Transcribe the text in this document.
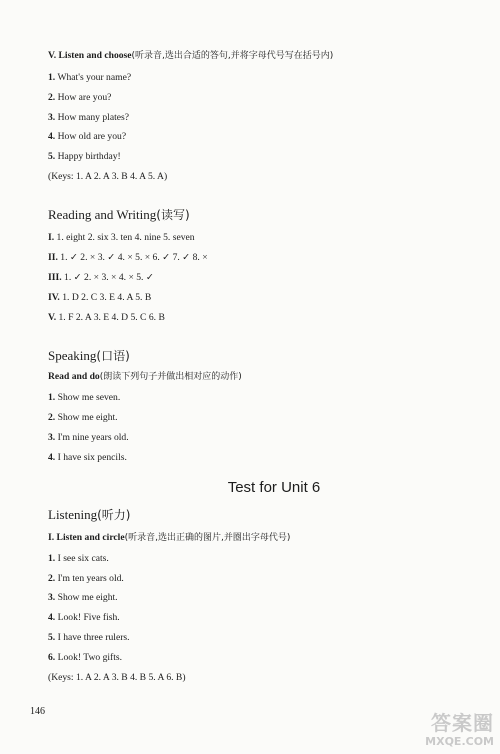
V. Listen and choose(听录音,选出合适的答句,并将字母代号写在括号内)
1. What's your name?
2. How are you?
3. How many plates?
4. How old are you?
5. Happy birthday!
(Keys: 1. A 2. A 3. B 4. A 5. A)
Reading and Writing(读写)
I. 1. eight 2. six 3. ten 4. nine 5. seven
II. 1. ✓ 2. × 3. ✓ 4. × 5. × 6. ✓ 7. ✓ 8. ×
III. 1. ✓ 2. × 3. × 4. × 5. ✓
IV. 1. D 2. C 3. E 4. A 5. B
V. 1. F 2. A 3. E 4. D 5. C 6. B
Speaking(口语)
Read and do(朗读下列句子并做出相对应的动作)
1. Show me seven.
2. Show me eight.
3. I'm nine years old.
4. I have six pencils.
Test for Unit 6
Listening(听力)
I. Listen and circle(听录音,选出正确的图片,并圈出字母代号)
1. I see six cats.
2. I'm ten years old.
3. Show me eight.
4. Look! Five fish.
5. I have three rulers.
6. Look! Two gifts.
(Keys: 1. A 2. A 3. B 4. B 5. A 6. B)
146	答案圈
MXQE.COM
